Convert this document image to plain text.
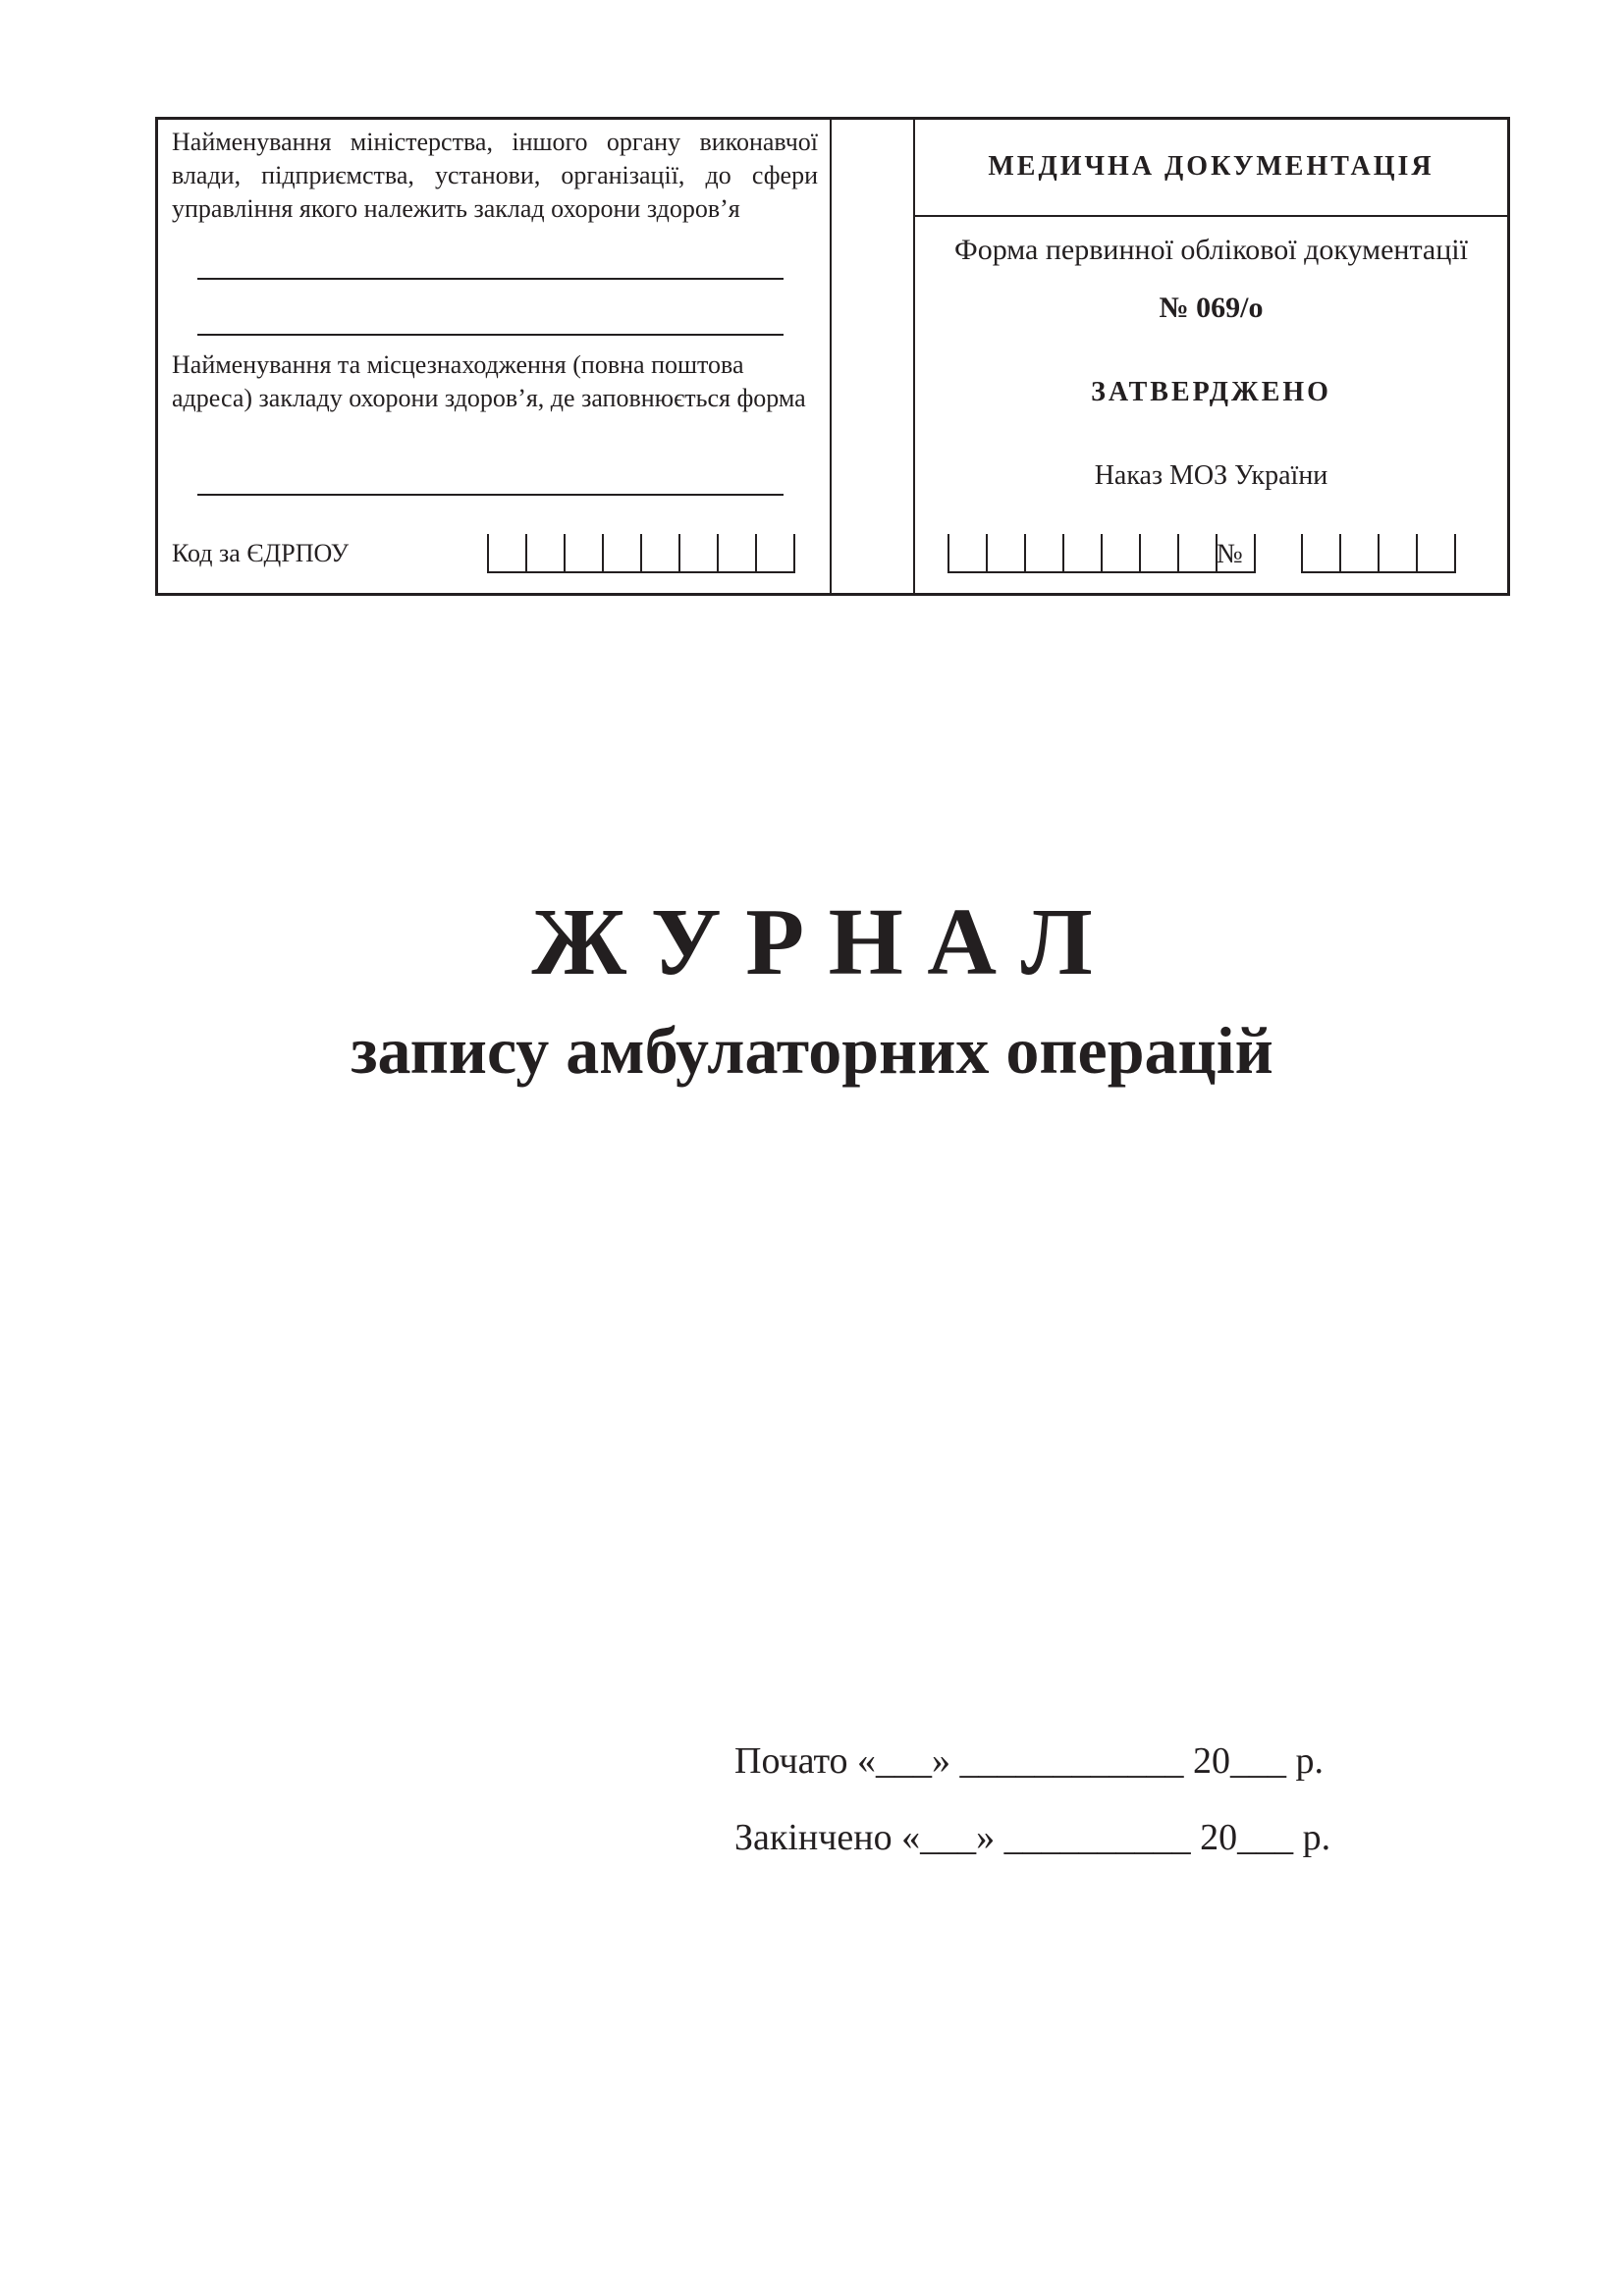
Найменування міністерства, іншого органу виконавчої влади, підприємства, установи, організації, до сфери управління якого належить заклад охорони здоров’я
Найменування та місцезнаходження (повна поштова адреса) закладу охорони здоров’я, де заповнюється форма
Код за ЄДРПОУ
МЕДИЧНА ДОКУМЕНТАЦІЯ
Форма первинної облікової документації
№ 069/о
ЗАТВЕРДЖЕНО
Наказ МОЗ України
№
Ж У Р Н А Л
запису амбулаторних операцій
Почато «___» ____________ 20___ р.
Закінчено «___» __________ 20___ р.
